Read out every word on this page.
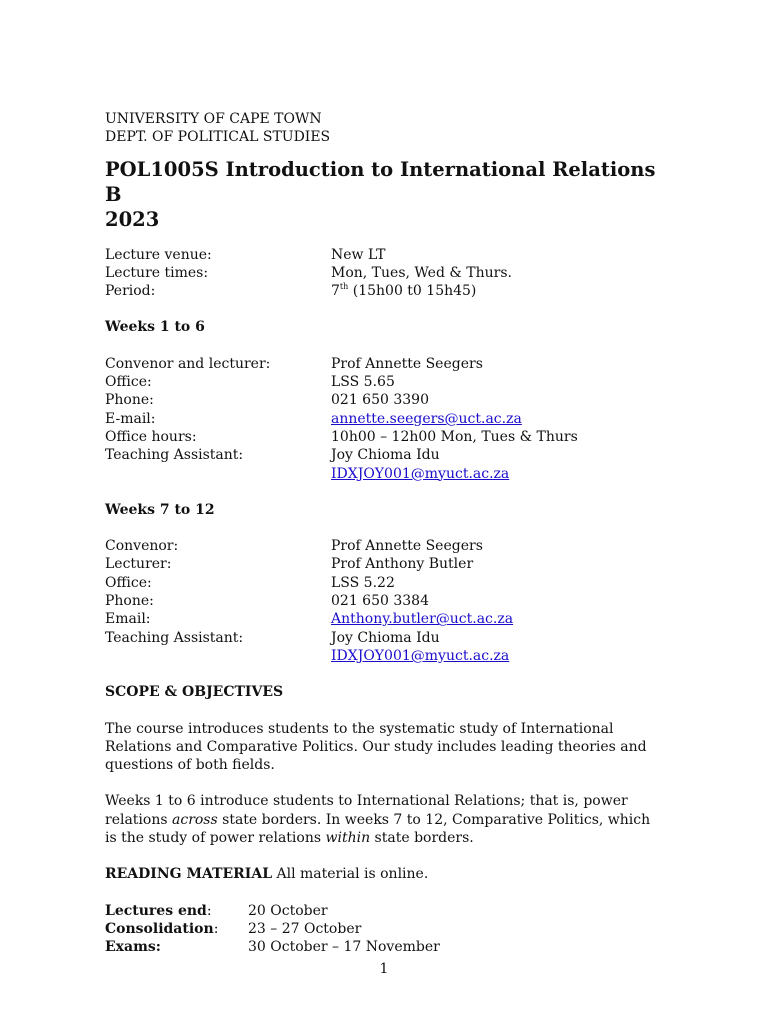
UNIVERSITY OF CAPE TOWN
DEPT. OF POLITICAL STUDIES
POL1005S Introduction to International Relations B
2023
Lecture venue:	New LT
Lecture times:	Mon, Tues, Wed & Thurs.
Period:	7th (15h00 t0 15h45)
Weeks 1 to 6
Convenor and lecturer:	Prof Annette Seegers
Office:	LSS 5.65
Phone:	021 650 3390
E-mail:	annette.seegers@uct.ac.za
Office hours:	10h00 – 12h00 Mon, Tues & Thurs
Teaching Assistant:	Joy Chioma Idu
IDXJOY001@myuct.ac.za
Weeks 7 to 12
Convenor:	Prof Annette Seegers
Lecturer:	Prof Anthony Butler
Office:	LSS 5.22
Phone:	021 650 3384
Email:	Anthony.butler@uct.ac.za
Teaching Assistant:	Joy Chioma Idu
IDXJOY001@myuct.ac.za
SCOPE & OBJECTIVES
The course introduces students to the systematic study of International Relations and Comparative Politics. Our study includes leading theories and questions of both fields.
Weeks 1 to 6 introduce students to International Relations; that is, power relations across state borders. In weeks 7 to 12, Comparative Politics, which is the study of power relations within state borders.
READING MATERIAL All material is online.
Lectures end:	20 October
Consolidation:	23 – 27 October
Exams:	30 October – 17 November
1
